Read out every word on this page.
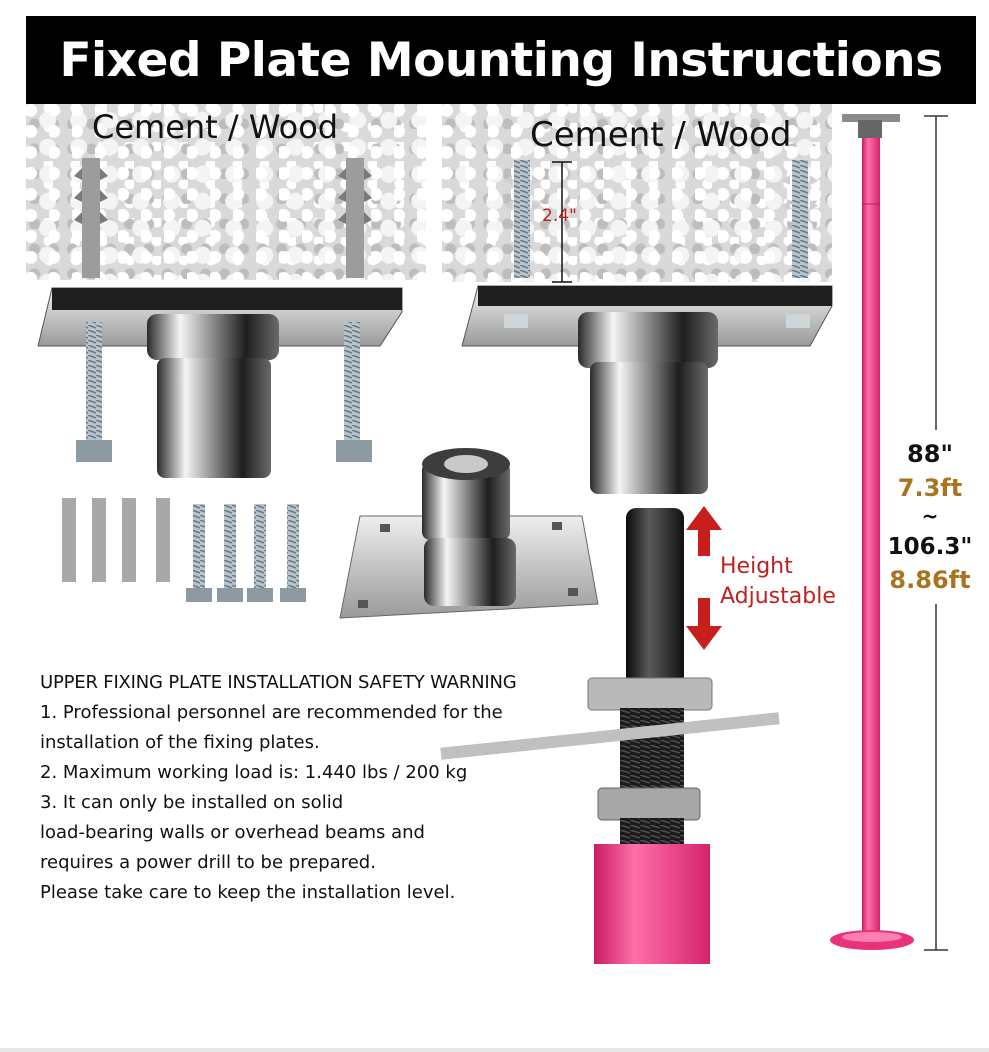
Fixed Plate Mounting Instructions
Cement / Wood	Cement / Wood
2.4"
Height
Adjustable
88"
7.3ft
~
106.3"
8.86ft

UPPER FIXING PLATE INSTALLATION SAFETY WARNING

1. Professional personnel are recommended for the

installation of the fixing plates.

2. Maximum working load is: 1.440 lbs / 200 kg

3. It can only be installed on solid

load-bearing walls or overhead beams and

requires a power drill to be prepared.

Please take care to keep the installation level.
